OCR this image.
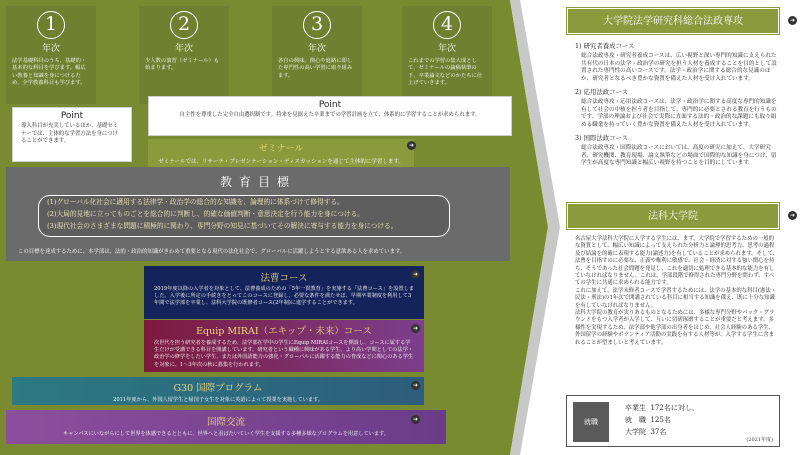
1
年次
法学基礎科目のうち、基礎的・基本的な科目を学びます。幅広い教養と知識を身につけるため、全学教養科目も学びます。
2
年次
少人数の演習（ゼミナール）も始まります。
3
年次
各自の興味、関心や進路に即した専門性の高い学習に取り組みます。
4
年次
これまでの学習の集大成として、ゼミナールの論稿執筆の下、卒業論文などのかたちに仕上げていきます。
Point
導入科目が充実しているほか、基礎セミナーでは、主体的な学習方法を身につけることができます。
Point
自主性を尊重した完全自由選択制です。将来を見据えた卒業までの学習計画を立て、体系的に学習することが求められます。
ゼミナール
ゼミナールでは、リサーチ・プレゼンテーション・ディスカッションを通じて主体的に学習します。
➜
教育目標
(1)グローバル化社会に適用する法律学・政治学の総合的な知識を、論理的に体系づけて修得する。
(2)大局的見地に立ってものごとを総合的に判断し、的確な価値判断・意思決定を行う能力を身につける。
(3)現代社会のさまざまな問題に積極的に関わり、専門分野の知見に基づいてその解決に寄与する能力を身につける。
この目標を達成するために、本学部は、法的・政治的知識がきわめて重要となる現代の法化社会で、グローバルに活躍しようとする意欲ある人を求めています。
法曹コース
2019年度以降の入学者を対象として、法曹養成のための「5年一貫教育」を実施する「法曹コース」を設置しました。入学後に所定の手続きをとってこのコースに登録し、必要な条件を満たせば、早期卒業制度を利用して3年間で法学部を卒業し、法科大学院の既修者コース(2年制)に進学することができます。
➜
Equip MIRAI（エキップ・未来）コース
次世代を担う研究者を養成するため、法学部在学中の学生にEquip MIRAIコースを開設し、コースに属する学生だけが受講できる科目を開講しています。研究者という職種に興味がある学生、より高い学問としての法学・政治学の修学をしたい学生、または外国語能力の強化・グローバルに活躍する能力の育成などに関心のある学生を対象に、1～3年次の秋に募集を行われます。
➜
G30 国際プログラム
2011年度から、外国人留学生と帰国子女生を対象に英語によって授業を実施しています。
➜
国際交流
キャンパスにいながらにして世界を体感できるとともに、世界へと羽ばたいていく学生を支援する多種多様なプログラムを用意しています。
➜
大学院法学研究科総合法政専攻	➜
1) 研究者養成コース
総合法政専攻・研究者養成コースは、広い視野と深い専門的知識に支えられた共有代の日本の法学・政治学の研究を担う人材を養成することを目的として設置された専門性の高いコースです。法学・政治学に関する総合的な見識のほか、研究者となるべき豊かな資質を備えた人材を受け入れています。
2) 応用法政コース
総合法政専攻・応用法政コースは、法学・政治学に関する高度な専門的知識を有して社会の中核を担う者を目指して、専門的に必要とされる教育を行うものです。学部の理論および社会で実際に直面する法的・政治的な課題にも取り組める職業を持っていく豊かな資質を備えた人材を受け入れています。
3) 国際法政コース
総合法政専攻・国際法政コースにおいては、高度の研究に加えて、大学研究者、研究機関、教育現場、論文執筆などの場面で国際的な知識を身につけ、留学生が高度な専門知識と幅広い視野を持つことを目的にしています。
法科大学院	➜
名古屋大学法科大学院に入学する学生には、まず、大学院で学習するための一般的な資質として、幅広い知識によって支えられた分析力と論理的思考力、思考の過程及び結論を的確に表現する能力(論述力)を有していることが求められます。そして、法曹を目指すのに必要な、正義や権利に敏感で、社会・経済に対する強い関心を持ち、そうであった社会問題を発見し、これを適切に処理できる基本的な能力を有していなければなりません。これは、学部段階で修得された専門分野を問わず、すべての学生に共通に求められる能力です。
これに加えて、法学未修者コースで学習するためには、法学の基本的な科目(憲法・民法・刑法)の1年次で開講されている科目に相当する知識を備え、既に十分な知識を有していなければなりません。
法科大学院の教育が実りあるものとなるためには、多様な専門分野やバック・グラウンドをもつ入学者が入学して、互いに切磋琢磨することが重要だと考えます。多様性を実現するため、法学部や他学部の出身者をはじめ、社会人経験のある学生、外国留学の経験やボランティア活動の実践を有する人材等が、入学する学生に含まれることが望ましいと考えています。
就職
卒業生 172名に対し、
就　職 125名
大学院 37名
(2021年度)
